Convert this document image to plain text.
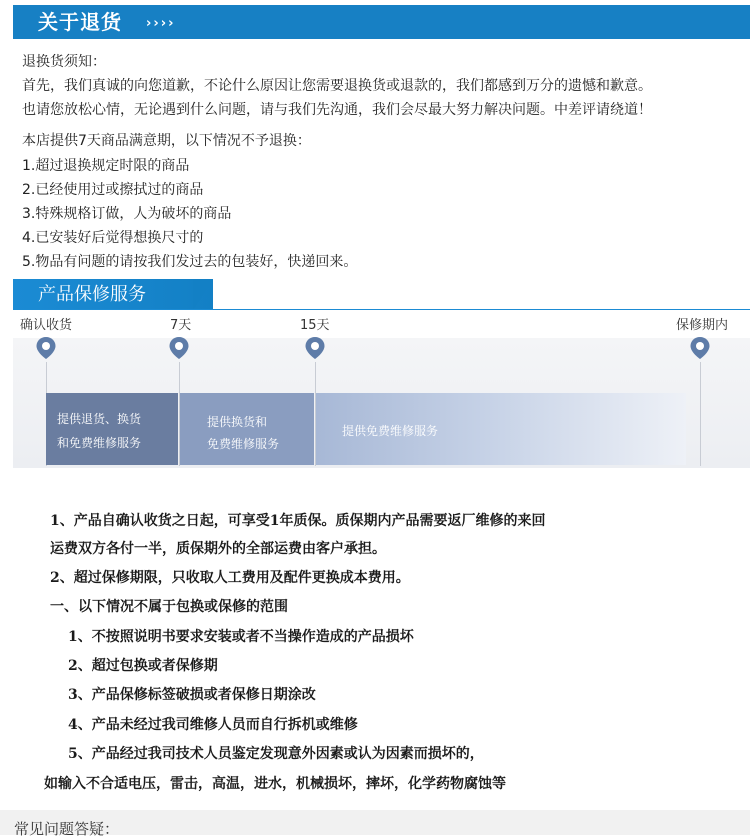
关于退货 ››››
退换货须知：
首先，我们真诚的向您道歉，不论什么原因让您需要退换货或退款的，我们都感到万分的遗憾和歉意。
也请您放松心情，无论遇到什么问题，请与我们先沟通，我们会尽最大努力解决问题。中差评请绕道！
本店提供7天商品满意期，以下情况不予退换：
1.超过退换规定时限的商品
2.已经使用过或擦拭过的商品
3.特殊规格订做，人为破坏的商品
4.已安装好后觉得想换尺寸的
5.物品有问题的请按我们发过去的包装好，快递回来。
产品保修服务
确认收货	7天	15天	保修期内
提供退货、换货
和免费维修服务
提供换货和
免费维修服务
提供免费维修服务
1、产品自确认收货之日起，可享受1年质保。质保期内产品需要返厂维修的来回
运费双方各付一半，质保期外的全部运费由客户承担。
2、超过保修期限，只收取人工费用及配件更换成本费用。
一、以下情况不属于包换或保修的范围
1、不按照说明书要求安装或者不当操作造成的产品损坏
2、超过包换或者保修期
3、产品保修标签破损或者保修日期涂改
4、产品未经过我司维修人员而自行拆机或维修
5、产品经过我司技术人员鉴定发现意外因素或认为因素而损坏的，
如输入不合适电压，雷击，高温，进水，机械损坏，摔坏，化学药物腐蚀等
常见问题答疑：
